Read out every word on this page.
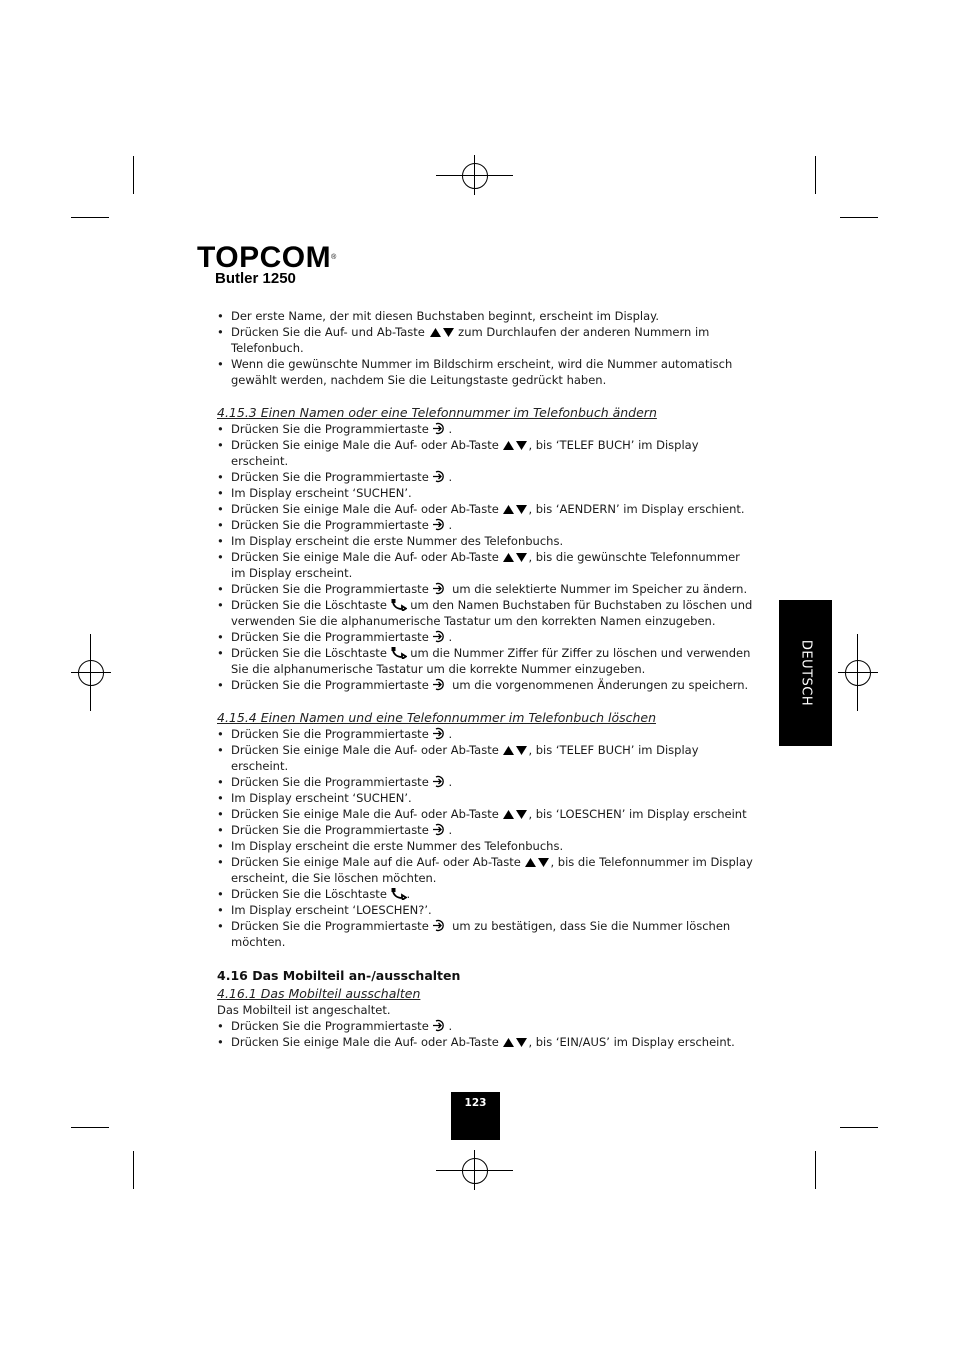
TOPCOM®
Butler 1250
• Der erste Name, der mit diesen Buchstaben beginnt, erscheint im Display.
• Drücken Sie die Auf- und Ab-Taste
zum Durchlaufen der anderen Nummern im Telefonbuch.
• Wenn die gewünschte Nummer im Bildschirm erscheint, wird die Nummer automatisch gewählt werden, nachdem Sie die Leitungstaste gedrückt haben.
4.15.3 Einen Namen oder eine Telefonnummer im Telefonbuch ändern
• Drücken Sie die Programmiertaste
.
• Drücken Sie einige Male die Auf- oder Ab-Taste
, bis ‘TELEF BUCH’ im Display erscheint.
• Drücken Sie die Programmiertaste
.
• Im Display erscheint ‘SUCHEN’.
• Drücken Sie einige Male die Auf- oder Ab-Taste
, bis ‘AENDERN’ im Display erschient.
• Drücken Sie die Programmiertaste
.
• Im Display erscheint die erste Nummer des Telefonbuchs.
• Drücken Sie einige Male die Auf- oder Ab-Taste
, bis die gewünschte Telefonnummer im Display erscheint.
• Drücken Sie die Programmiertaste
um die selektierte Nummer im Speicher zu ändern.
• Drücken Sie die Löschtaste
um den Namen Buchstaben für Buchstaben zu löschen und verwenden Sie die alphanumerische Tastatur um den korrekten Namen einzugeben.
• Drücken Sie die Programmiertaste
.
• Drücken Sie die Löschtaste
um die Nummer Ziffer für Ziffer zu löschen und verwenden Sie die alphanumerische Tastatur um die korrekte Nummer einzugeben.
• Drücken Sie die Programmiertaste
um die vorgenommenen Änderungen zu speichern.
4.15.4 Einen Namen und eine Telefonnummer im Telefonbuch löschen
• Drücken Sie die Programmiertaste
.
• Drücken Sie einige Male die Auf- oder Ab-Taste
, bis ‘TELEF BUCH’ im Display erscheint.
• Drücken Sie die Programmiertaste
.
• Im Display erscheint ‘SUCHEN’.
• Drücken Sie einige Male die Auf- oder Ab-Taste
, bis ‘LOESCHEN’ im Display erscheint
• Drücken Sie die Programmiertaste
.
• Im Display erscheint die erste Nummer des Telefonbuchs.
• Drücken Sie einige Male auf die Auf- oder Ab-Taste
, bis die Telefonnummer im Display erscheint, die Sie löschen möchten.
• Drücken Sie die Löschtaste
.
• Im Display erscheint ‘LOESCHEN?’.
• Drücken Sie die Programmiertaste
um zu bestätigen, dass Sie die Nummer löschen möchten.
4.16 Das Mobilteil an-/ausschalten
4.16.1 Das Mobilteil ausschalten

Das Mobilteil ist angeschaltet.

• Drücken Sie die Programmiertaste
.
• Drücken Sie einige Male die Auf- oder Ab-Taste
, bis ‘EIN/AUS’ im Display erscheint.
DEUTSCH
123
